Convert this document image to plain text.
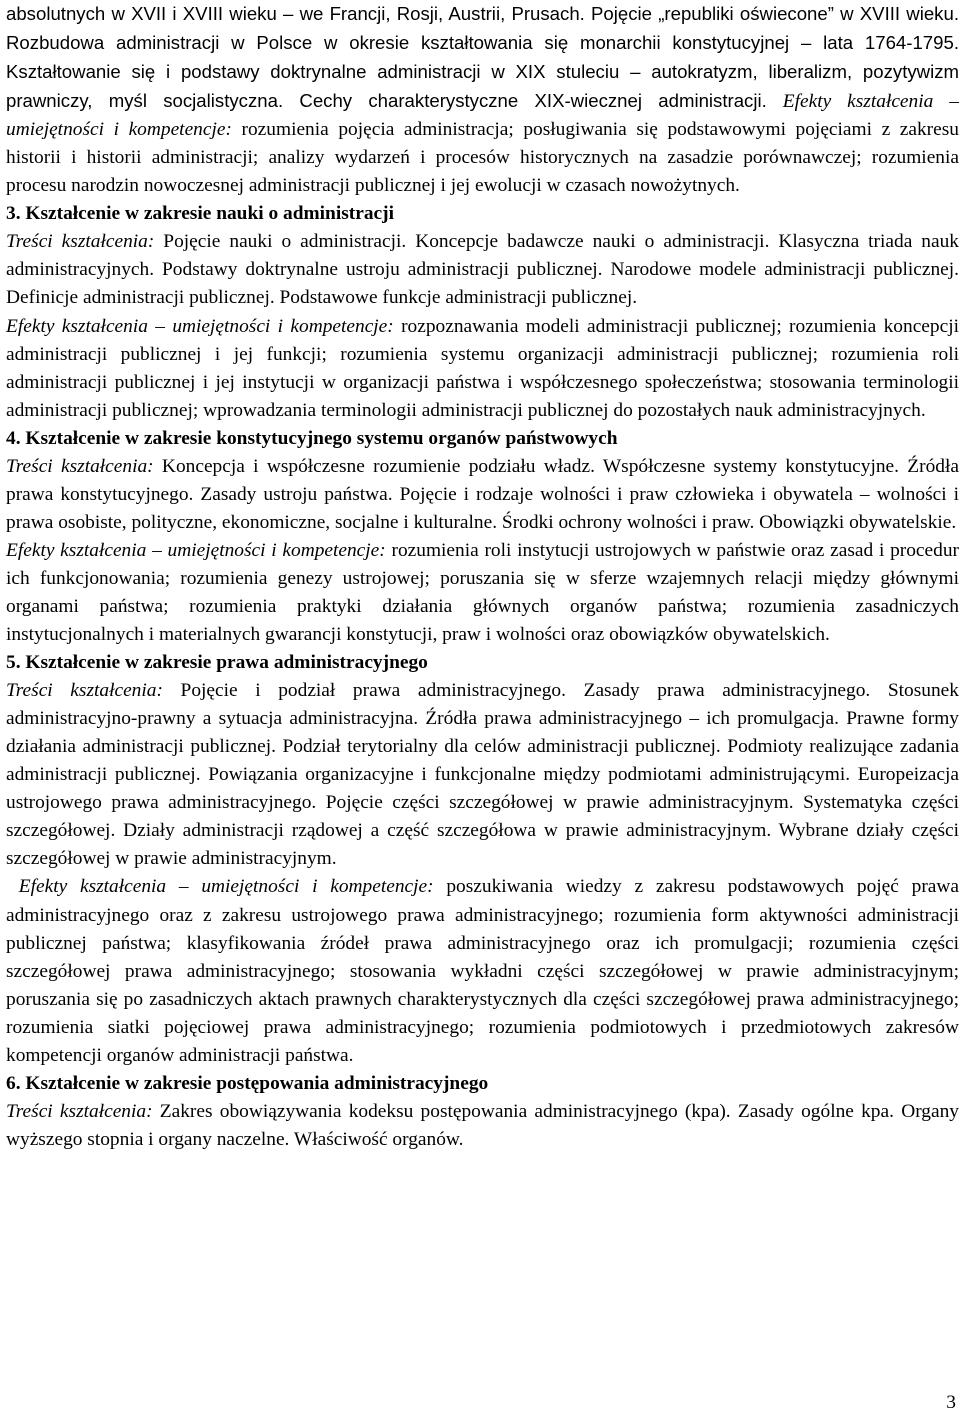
absolutnych w XVII i XVIII wieku – we Francji, Rosji, Austrii, Prusach. Pojęcie „republiki oświecone” w XVIII wieku. Rozbudowa administracji w Polsce w okresie kształtowania się monarchii konstytucyjnej – lata 1764-1795. Kształtowanie się i podstawy doktrynalne administracji w XIX stuleciu – autokratyzm, liberalizm, pozytywizm prawniczy, myśl socjalistyczna. Cechy charakterystyczne XIX-wiecznej administracji. Efekty kształcenia – umiejętności i kompetencje: rozumienia pojęcia administracja; posługiwania się podstawowymi pojęciami z zakresu historii i historii administracji; analizy wydarzeń i procesów historycznych na zasadzie porównawczej; rozumienia procesu narodzin nowoczesnej administracji publicznej i jej ewolucji w czasach nowożytnych.

3. Kształcenie w zakresie nauki o administracji

Treści kształcenia: Pojęcie nauki o administracji. Koncepcje badawcze nauki o administracji. Klasyczna triada nauk administracyjnych. Podstawy doktrynalne ustroju administracji publicznej. Narodowe modele administracji publicznej. Definicje administracji publicznej. Podstawowe funkcje administracji publicznej.

Efekty kształcenia – umiejętności i kompetencje: rozpoznawania modeli administracji publicznej; rozumienia koncepcji administracji publicznej i jej funkcji; rozumienia systemu organizacji administracji publicznej; rozumienia roli administracji publicznej i jej instytucji w organizacji państwa i współczesnego społeczeństwa; stosowania terminologii administracji publicznej; wprowadzania terminologii administracji publicznej do pozostałych nauk administracyjnych.

4. Kształcenie w zakresie konstytucyjnego systemu organów państwowych

Treści kształcenia: Koncepcja i współczesne rozumienie podziału władz. Współczesne systemy konstytucyjne. Źródła prawa konstytucyjnego. Zasady ustroju państwa. Pojęcie i rodzaje wolności i praw człowieka i obywatela – wolności i prawa osobiste, polityczne, ekonomiczne, socjalne i kulturalne. Środki ochrony wolności i praw. Obowiązki obywatelskie.

Efekty kształcenia – umiejętności i kompetencje: rozumienia roli instytucji ustrojowych w państwie oraz zasad i procedur ich funkcjonowania; rozumienia genezy ustrojowej; poruszania się w sferze wzajemnych relacji między głównymi organami państwa; rozumienia praktyki działania głównych organów państwa; rozumienia zasadniczych instytucjonalnych i materialnych gwarancji konstytucji, praw i wolności oraz obowiązków obywatelskich.

5. Kształcenie w zakresie prawa administracyjnego

Treści kształcenia: Pojęcie i podział prawa administracyjnego. Zasady prawa administracyjnego. Stosunek administracyjno-prawny a sytuacja administracyjna. Źródła prawa administracyjnego – ich promulgacja. Prawne formy działania administracji publicznej. Podział terytorialny dla celów administracji publicznej. Podmioty realizujące zadania administracji publicznej. Powiązania organizacyjne i funkcjonalne między podmiotami administrującymi. Europeizacja ustrojowego prawa administracyjnego. Pojęcie części szczegółowej w prawie administracyjnym. Systematyka części szczegółowej. Działy administracji rządowej a część szczegółowa w prawie administracyjnym. Wybrane działy części szczegółowej w prawie administracyjnym.

Efekty kształcenia – umiejętności i kompetencje: poszukiwania wiedzy z zakresu podstawowych pojęć prawa administracyjnego oraz z zakresu ustrojowego prawa administracyjnego; rozumienia form aktywności administracji publicznej państwa; klasyfikowania źródeł prawa administracyjnego oraz ich promulgacji; rozumienia części szczegółowej prawa administracyjnego; stosowania wykładni części szczegółowej w prawie administracyjnym; poruszania się po zasadniczych aktach prawnych charakterystycznych dla części szczegółowej prawa administracyjnego; rozumienia siatki pojęciowej prawa administracyjnego; rozumienia podmiotowych i przedmiotowych zakresów kompetencji organów administracji państwa.

6. Kształcenie w zakresie postępowania administracyjnego

Treści kształcenia: Zakres obowiązywania kodeksu postępowania administracyjnego (kpa). Zasady ogólne kpa. Organy wyższego stopnia i organy naczelne. Właściwość organów.

3
